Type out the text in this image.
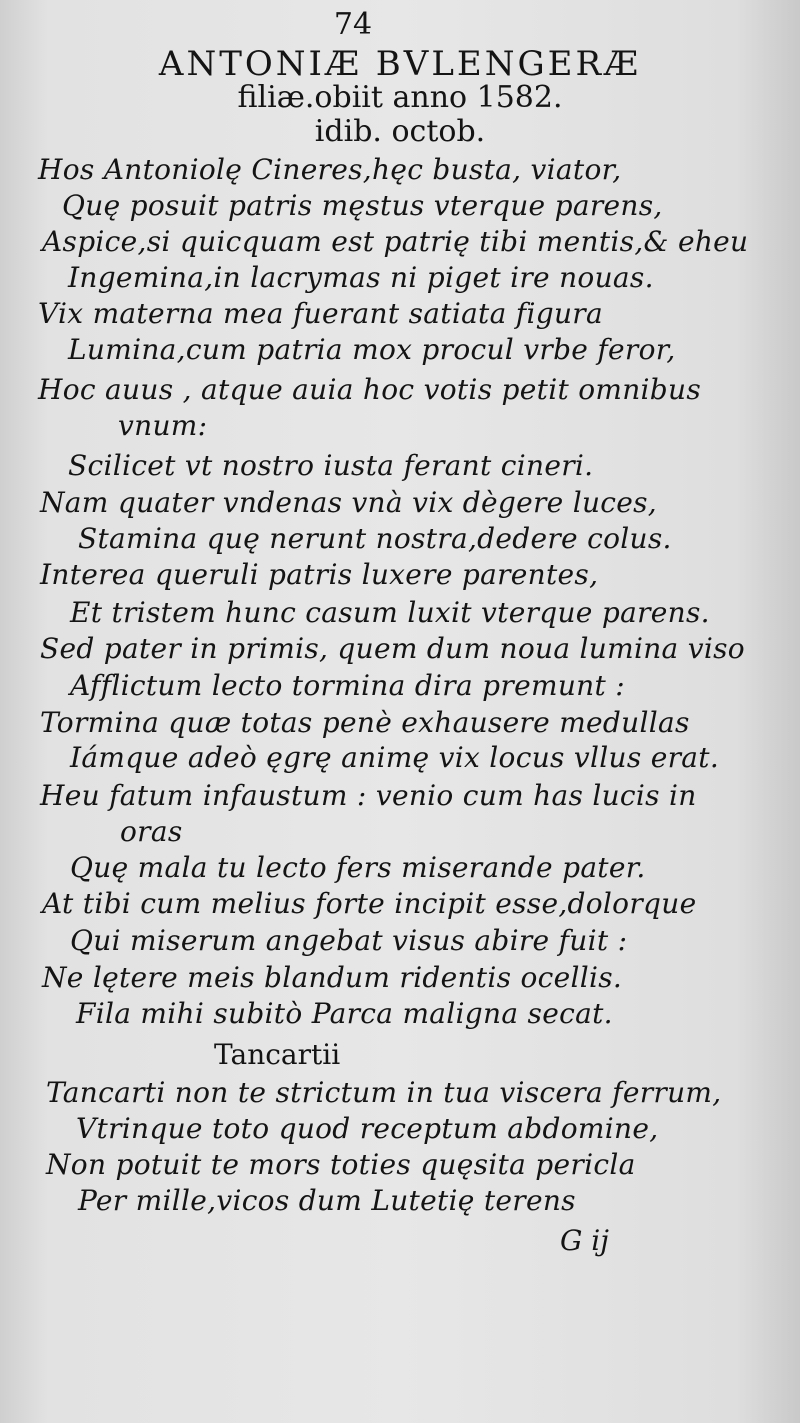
74
ANTONIÆ BVLENGERÆ
filiæ.obiit anno 1582.
idib. octob.
Hos Antoniolę Cineres,hęc busta, viator,
Quę posuit patris męstus vterque parens,
Aspice,si quicquam est patrię tibi mentis,& eheu
Ingemina,in lacrymas ni piget ire nouas.
Vix materna mea fuerant satiata figura
Lumina,cum patria mox procul vrbe feror,
Hoc auus , atque auia hoc votis petit omnibus
vnum:
Scilicet vt nostro iusta ferant cineri.
Nam quater vndenas vnà vix dègere luces,
Stamina quę nerunt nostra,dedere colus.
Interea queruli patris luxere parentes,
Et tristem hunc casum luxit vterque parens.
Sed pater in primis, quem dum noua lumina viso
Afflictum lecto tormina dira premunt :
Tormina quæ totas penè exhausere medullas
Iámque adeò ęgrę animę vix locus vllus erat.
Heu fatum infaustum : venio cum has lucis in
oras
Quę mala tu lecto fers miserande pater.
At tibi cum melius forte incipit esse,dolorque
Qui miserum angebat visus abire fuit :
Ne lętere meis blandum ridentis ocellis.
Fila mihi subitò Parca maligna secat.
Tancartii
Tancarti non te strictum in tua viscera ferrum,
Vtrinque toto quod receptum abdomine,
Non potuit te mors toties quęsita pericla
Per mille,vicos dum Lutetię terens
G ij
